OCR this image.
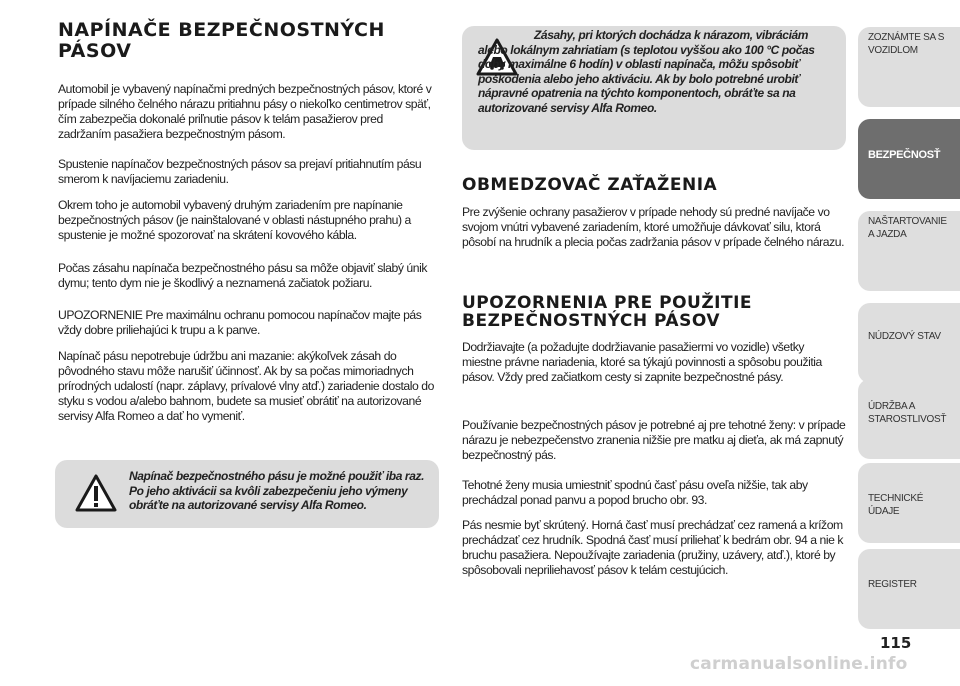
NAPÍNAČE BEZPEČNOSTNÝCH
PÁSOV

Automobil je vybavený napínačmi predných bezpečnostných pásov, ktoré v prípade silného čelného nárazu pritiahnu pásy o niekoľko centimetrov späť, čím zabezpečia dokonalé priľnutie pásov k telám pasažierov pred zadržaním pasažiera bezpečnostným pásom.

Spustenie napínačov bezpečnostných pásov sa prejaví pritiahnutím pásu smerom k navíjaciemu zariadeniu.

Okrem toho je automobil vybavený druhým zariadením pre napínanie bezpečnostných pásov (je nainštalované v oblasti nástupného prahu) a spustenie je možné spozorovať na skrátení kovového kábla.

Počas zásahu napínača bezpečnostného pásu sa môže objaviť slabý únik dymu; tento dym nie je škodlivý a neznamená začiatok požiaru.

UPOZORNENIE Pre maximálnu ochranu pomocou napínačov majte pás vždy dobre priliehajúci k trupu a k panve.

Napínač pásu nepotrebuje údržbu ani mazanie: akýkoľvek zásah do pôvodného stavu môže narušiť účinnosť. Ak by sa počas mimoriadnych prírodných udalostí (napr. záplavy, prívalové vlny atď.) zariadenie dostalo do styku s vodou a/alebo bahnom, budete sa musieť obrátiť na autorizované servisy Alfa Romeo a dať ho vymeniť.

Napínač bezpečnostného pásu je možné použiť iba raz. Po jeho aktivácii sa kvôli zabezpečeniu jeho výmeny obráťte na autorizované servisy Alfa Romeo.

Zásahy, pri ktorých dochádza k nárazom, vibráciám alebo lokálnym zahriatiam (s teplotou vyššou ako 100 °C počas doby maximálne 6 hodín) v oblasti napínača, môžu spôsobiť poškodenia alebo jeho aktiváciu. Ak by bolo potrebné urobiť nápravné opatrenia na týchto komponentoch, obráťte sa na autorizované servisy Alfa Romeo.

OBMEDZOVAČ ZAŤAŽENIA

Pre zvýšenie ochrany pasažierov v prípade nehody sú predné navíjače vo svojom vnútri vybavené zariadením, ktoré umožňuje dávkovať silu, ktorá pôsobí na hrudník a plecia počas zadržania pásov v prípade čelného nárazu.

UPOZORNENIA PRE POUŽITIE
BEZPEČNOSTNÝCH PÁSOV

Dodržiavajte (a požadujte dodržiavanie pasažiermi vo vozidle) všetky miestne právne nariadenia, ktoré sa týkajú povinnosti a spôsobu použitia pásov. Vždy pred začiatkom cesty si zapnite bezpečnostné pásy.

Používanie bezpečnostných pásov je potrebné aj pre tehotné ženy: v prípade nárazu je nebezpečenstvo zranenia nižšie pre matku aj dieťa, ak má zapnutý bezpečnostný pás.

Tehotné ženy musia umiestniť spodnú časť pásu oveľa nižšie, tak aby prechádzal ponad panvu a popod brucho obr. 93.

Pás nesmie byť skrútený. Horná časť musí prechádzať cez ramená a krížom prechádzať cez hrudník. Spodná časť musí priliehať k bedrám obr. 94 a nie k bruchu pasažiera. Nepoužívajte zariadenia (pružiny, uzávery, atď.), ktoré by spôsobovali nepriliehavosť pásov k telám cestujúcich.

ZOZNÁMTE SA S VOZIDLOM
BEZPEČNOSŤ
NAŠTARTOVANIE A JAZDA
NÚDZOVÝ STAV
ÚDRŽBA A STAROSTLIVOSŤ
TECHNICKÉ ÚDAJE
REGISTER
115
carmanualsonline.info
